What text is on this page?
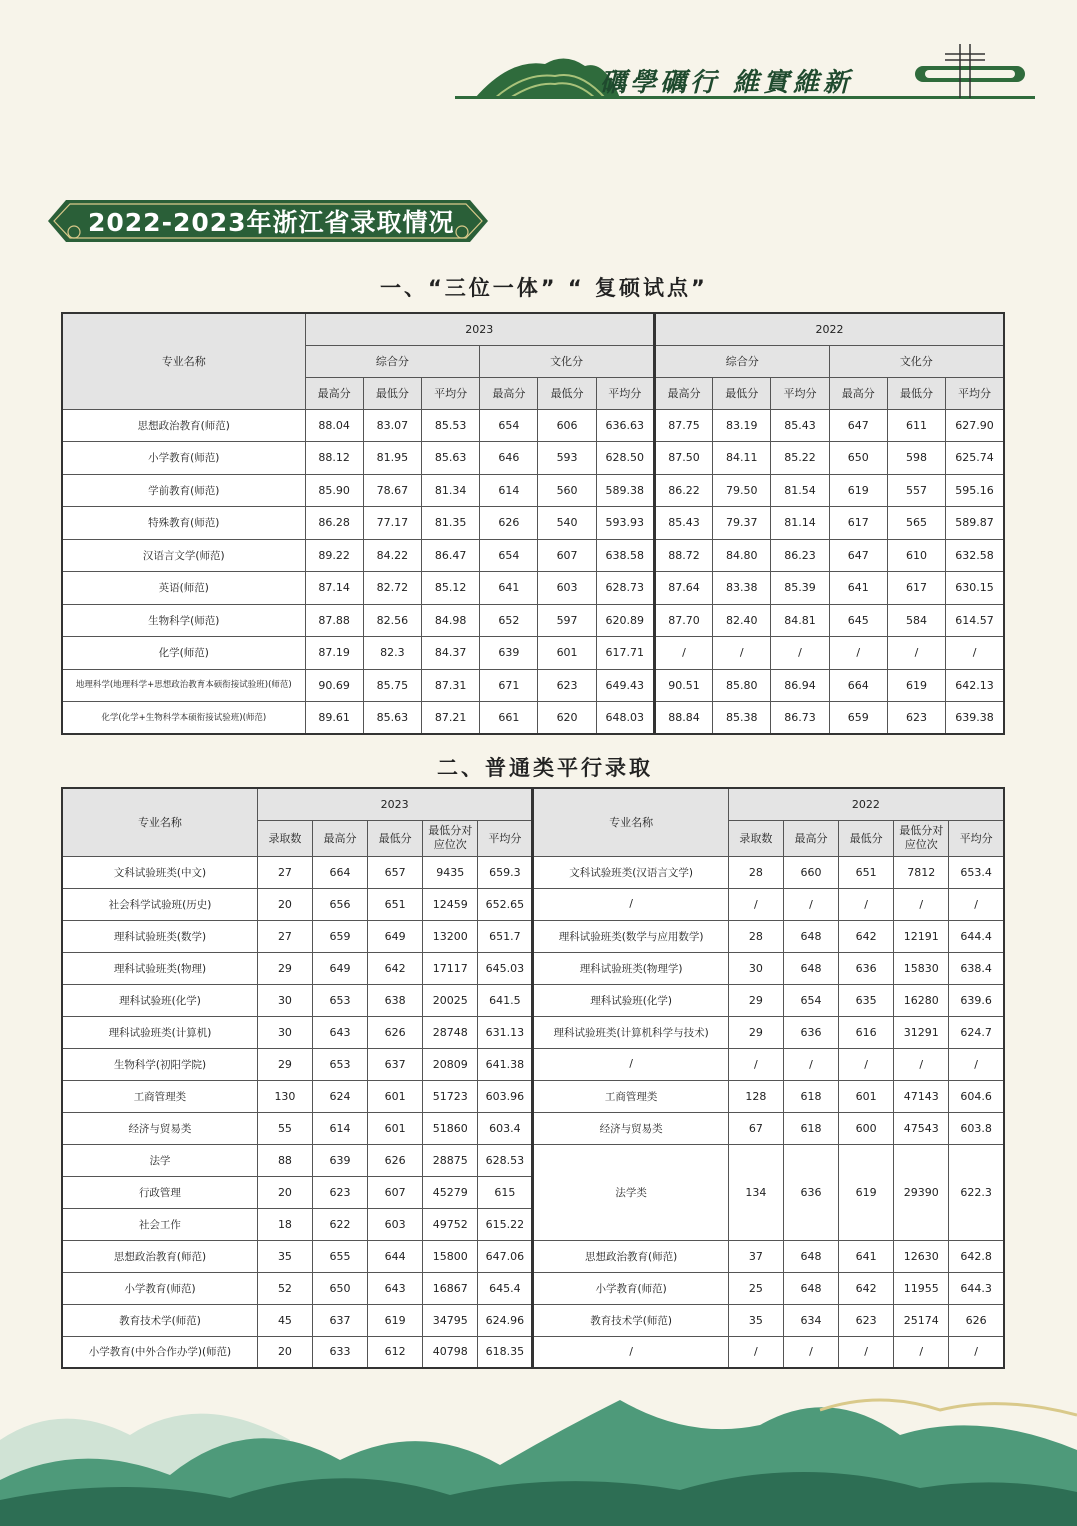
礪學礪行 維實維新
2022-2023年浙江省录取情况
一、“三位一体” “ 复硕试点”
专业名称	2023						2022					
	综合分			文化分			综合分			文化分		
	最高分	最低分	平均分	最高分	最低分	平均分	最高分	最低分	平均分	最高分	最低分	平均分
思想政治教育(师范)	88.04	83.07	85.53	654	606	636.63	87.75	83.19	85.43	647	611	627.90
小学教育(师范)	88.12	81.95	85.63	646	593	628.50	87.50	84.11	85.22	650	598	625.74
学前教育(师范)	85.90	78.67	81.34	614	560	589.38	86.22	79.50	81.54	619	557	595.16
特殊教育(师范)	86.28	77.17	81.35	626	540	593.93	85.43	79.37	81.14	617	565	589.87
汉语言文学(师范)	89.22	84.22	86.47	654	607	638.58	88.72	84.80	86.23	647	610	632.58
英语(师范)	87.14	82.72	85.12	641	603	628.73	87.64	83.38	85.39	641	617	630.15
生物科学(师范)	87.88	82.56	84.98	652	597	620.89	87.70	82.40	84.81	645	584	614.57
化学(师范)	87.19	82.3	84.37	639	601	617.71	/	/	/	/	/	/
地理科学(地理科学+思想政治教育本硕衔接试验班)(师范)	90.69	85.75	87.31	671	623	649.43	90.51	85.80	86.94	664	619	642.13
化学(化学+生物科学本硕衔接试验班)(师范)	89.61	85.63	87.21	661	620	648.03	88.84	85.38	86.73	659	623	639.38
二、普通类平行录取
专业名称	2023					专业名称	2022				
	录取数	最高分	最低分	最低分对应位次	平均分		录取数	最高分	最低分	最低分对应位次	平均分
文科试验班类(中文)	27	664	657	9435	659.3	文科试验班类(汉语言文学)	28	660	651	7812	653.4
社会科学试验班(历史)	20	656	651	12459	652.65	/	/	/	/	/	/
理科试验班类(数学)	27	659	649	13200	651.7	理科试验班类(数学与应用数学)	28	648	642	12191	644.4
理科试验班类(物理)	29	649	642	17117	645.03	理科试验班类(物理学)	30	648	636	15830	638.4
理科试验班(化学)	30	653	638	20025	641.5	理科试验班(化学)	29	654	635	16280	639.6
理科试验班类(计算机)	30	643	626	28748	631.13	理科试验班类(计算机科学与技术)	29	636	616	31291	624.7
生物科学(初阳学院)	29	653	637	20809	641.38	/	/	/	/	/	/
工商管理类	130	624	601	51723	603.96	工商管理类	128	618	601	47143	604.6
经济与贸易类	55	614	601	51860	603.4	经济与贸易类	67	618	600	47543	603.8
法学	88	639	626	28875	628.53	法学类	134	636	619	29390	622.3
行政管理	20	623	607	45279	615						
社会工作	18	622	603	49752	615.22						
思想政治教育(师范)	35	655	644	15800	647.06	思想政治教育(师范)	37	648	641	12630	642.8
小学教育(师范)	52	650	643	16867	645.4	小学教育(师范)	25	648	642	11955	644.3
教育技术学(师范)	45	637	619	34795	624.96	教育技术学(师范)	35	634	623	25174	626
小学教育(中外合作办学)(师范)	20	633	612	40798	618.35	/	/	/	/	/	/
